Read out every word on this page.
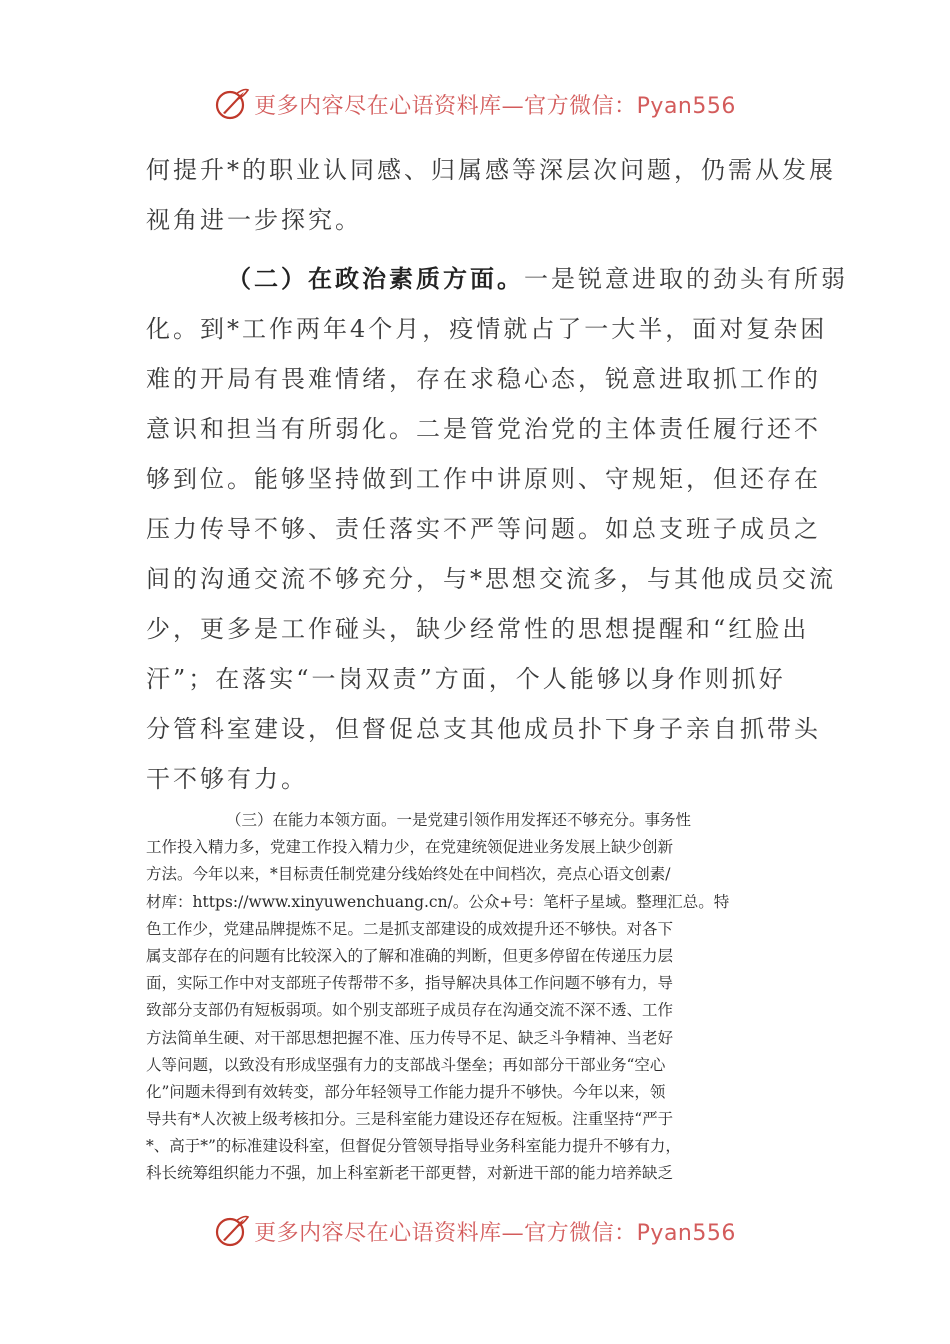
更多内容尽在心语资料库—官方微信：Pyan556
何提升*的职业认同感、归属感等深层次问题，仍需从发展
视角进一步探究。
（二）在政治素质方面。一是锐意进取的劲头有所弱
化。到*工作两年4个月，疫情就占了一大半，面对复杂困
难的开局有畏难情绪，存在求稳心态，锐意进取抓工作的
意识和担当有所弱化。二是管党治党的主体责任履行还不
够到位。能够坚持做到工作中讲原则、守规矩，但还存在
压力传导不够、责任落实不严等问题。如总支班子成员之
间的沟通交流不够充分，与*思想交流多，与其他成员交流
少，更多是工作碰头，缺少经常性的思想提醒和“红脸出
汗”；在落实“一岗双责”方面，个人能够以身作则抓好
分管科室建设，但督促总支其他成员扑下身子亲自抓带头
干不够有力。
（三）在能力本领方面。一是党建引领作用发挥还不够充分。事务性
工作投入精力多，党建工作投入精力少，在党建统领促进业务发展上缺少创新
方法。今年以来，*目标责任制党建分线始终处在中间档次，亮点心语文创素/
材库：https://www.xinyuwenchuang.cn/。公众+号：笔杆子星域。整理汇总。特
色工作少，党建品牌提炼不足。二是抓支部建设的成效提升还不够快。对各下
属支部存在的问题有比较深入的了解和准确的判断，但更多停留在传递压力层
面，实际工作中对支部班子传帮带不多，指导解决具体工作问题不够有力，导
致部分支部仍有短板弱项。如个别支部班子成员存在沟通交流不深不透、工作
方法简单生硬、对干部思想把握不准、压力传导不足、缺乏斗争精神、当老好
人等问题，以致没有形成坚强有力的支部战斗堡垒；再如部分干部业务“空心
化”问题未得到有效转变，部分年轻领导工作能力提升不够快。今年以来，领
导共有*人次被上级考核扣分。三是科室能力建设还存在短板。注重坚持“严于
*、高于*”的标准建设科室，但督促分管领导指导业务科室能力提升不够有力，
科长统筹组织能力不强，加上科室新老干部更替，对新进干部的能力培养缺乏
更多内容尽在心语资料库—官方微信：Pyan556
